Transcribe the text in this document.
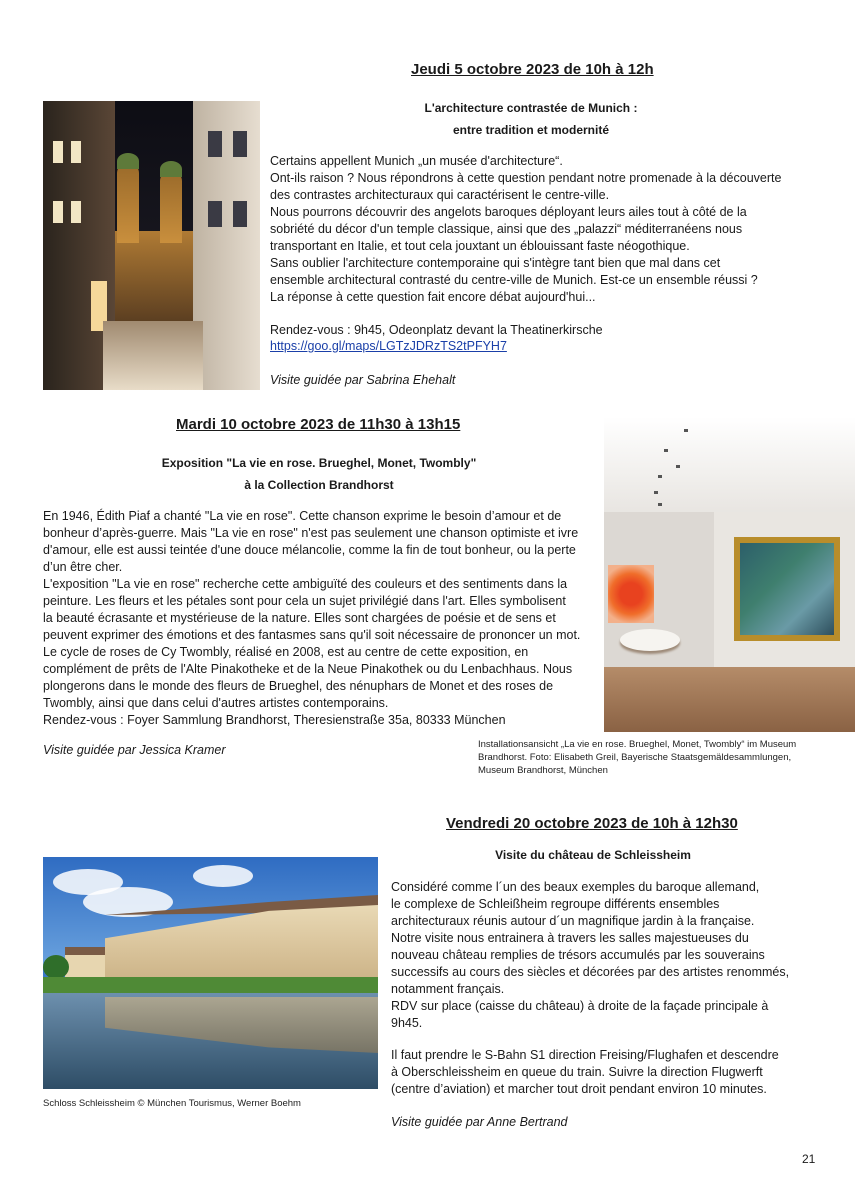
Jeudi 5 octobre 2023 de 10h à 12h
L'architecture contrastée de Munich :
entre tradition et modernité

Certains appellent Munich „un musée d'architecture“.

Ont-ils raison ? Nous répondrons à cette question pendant notre promenade à la découverte

des contrastes architecturaux qui caractérisent le centre-ville.

Nous pourrons découvrir des angelots baroques déployant leurs ailes tout à côté de la

sobriété du décor d'un temple classique, ainsi que des „palazzi“ méditerranéens nous

transportant en Italie, et tout cela jouxtant un éblouissant faste néogothique.

Sans oublier l'architecture contemporaine qui s'intègre tant bien que mal dans cet

ensemble architectural contrasté du centre-ville de Munich. Est-ce un ensemble réussi ?

La réponse à cette question fait encore débat aujourd'hui...

Rendez-vous : 9h45, Odeonplatz devant la Theatinerkirsche
https://goo.gl/maps/LGTzJDRzTS2tPFYH7
Visite guidée par Sabrina Ehehalt
Mardi 10 octobre 2023 de 11h30 à 13h15
Exposition "La vie en rose. Brueghel, Monet, Twombly"
à la Collection Brandhorst

En 1946, Édith Piaf a chanté "La vie en rose". Cette chanson exprime le besoin d’amour et de

bonheur d’après-guerre. Mais "La vie en rose" n'est pas seulement une chanson optimiste et ivre

d'amour, elle est aussi teintée d'une douce mélancolie, comme la fin de tout bonheur, ou la perte

d’un être cher.

L'exposition "La vie en rose" recherche cette ambiguïté des couleurs et des sentiments dans la

peinture. Les fleurs et les pétales sont pour cela un sujet privilégié dans l'art. Elles symbolisent

la beauté écrasante et mystérieuse de la nature. Elles sont chargées de poésie et de sens et

peuvent exprimer des émotions et des fantasmes sans qu'il soit nécessaire de prononcer un mot.

Le cycle de roses de Cy Twombly, réalisé en 2008, est au centre de cette exposition, en

complément de prêts de l'Alte Pinakotheke et de la Neue Pinakothek ou du Lenbachhaus. Nous

plongerons dans le monde des fleurs de Brueghel, des nénuphars de Monet et des roses de

Twombly, ainsi que dans celui d'autres artistes contemporains.

Rendez-vous : Foyer Sammlung Brandhorst, Theresienstraße 35a, 80333 München

Visite guidée par Jessica Kramer	Installationsansicht „La vie en rose. Brueghel, Monet, Twombly“ im Museum
Brandhorst. Foto: Elisabeth Greil, Bayerische Staatsgemäldesammlungen,
Museum Brandhorst, München
Vendredi 20 octobre 2023 de 10h à 12h30
Visite du château de Schleissheim
Schloss Schleissheim © München Tourismus, Werner Boehm

Considéré comme l´un des beaux exemples du baroque allemand,

le complexe de Schleißheim regroupe différents ensembles

architecturaux réunis autour d´un magnifique jardin à la française.

Notre visite nous entrainera à travers les salles majestueuses du

nouveau château remplies de trésors accumulés par les souverains

successifs au cours des siècles et décorées par des artistes renommés,

notamment français.

RDV sur place (caisse du château) à droite de la façade principale à

9h45.

Il faut prendre le S-Bahn S1 direction Freising/Flughafen et descendre

à Oberschleissheim en queue du train. Suivre la direction Flugwerft

(centre d’aviation) et marcher tout droit pendant environ 10 minutes.

Visite guidée par Anne Bertrand
21
